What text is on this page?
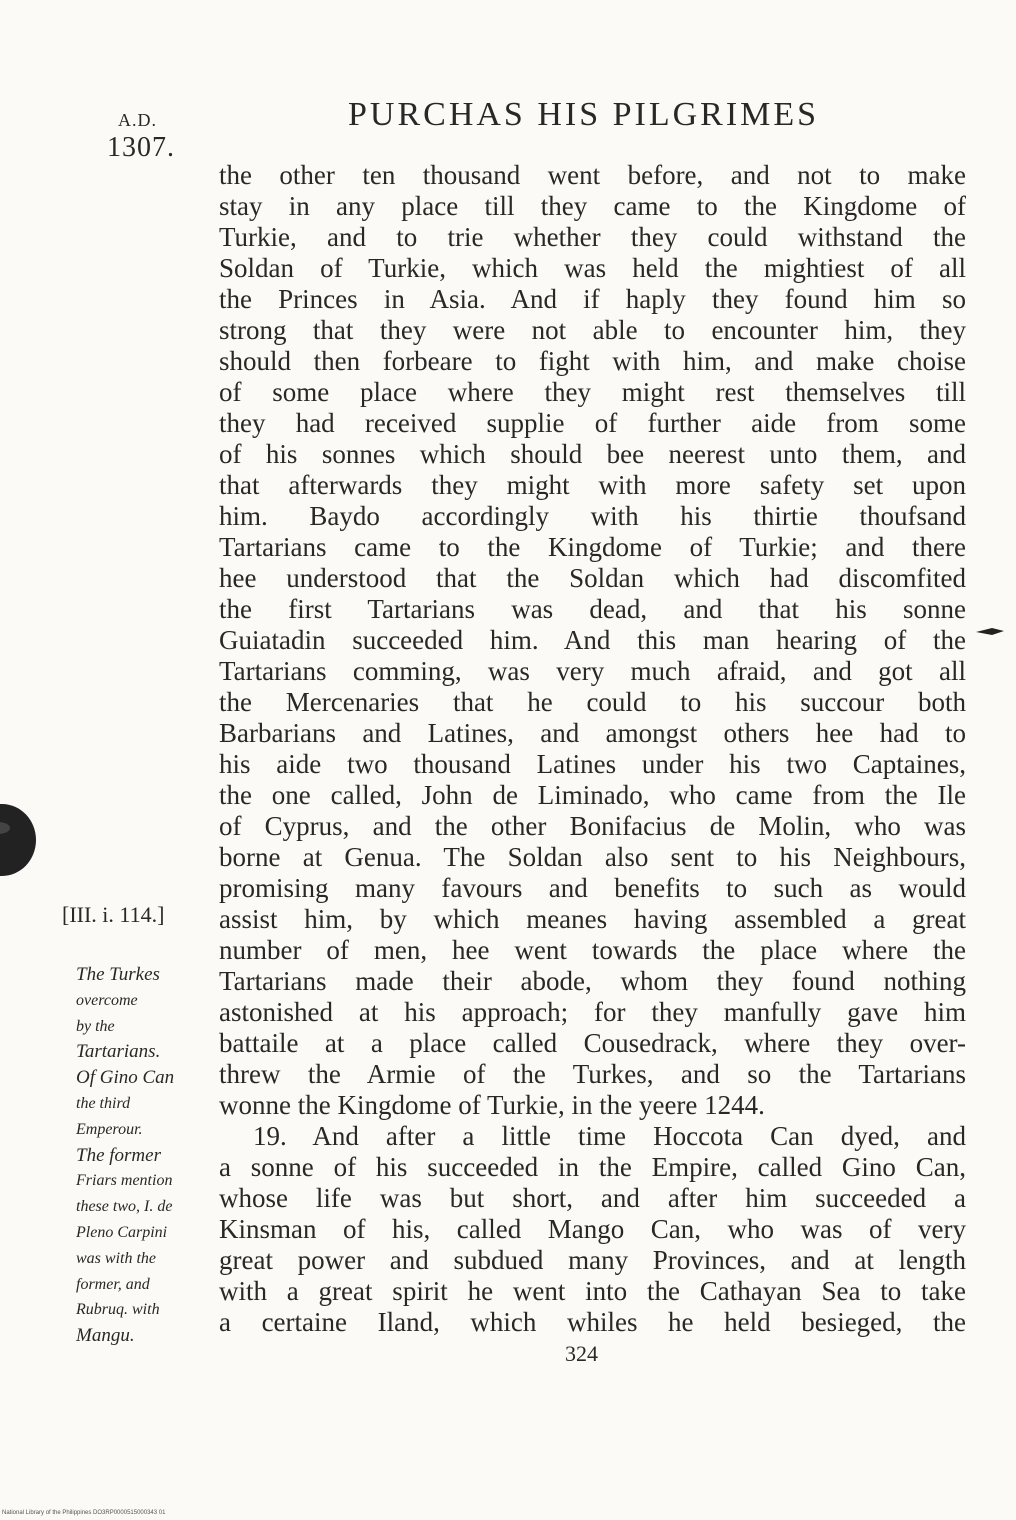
A.D.
1307.
PURCHAS HIS PILGRIMES
the other ten thousand went before, and not to make
stay in any place till they came to the Kingdome of
Turkie, and to trie whether they could withstand the
Soldan of Turkie, which was held the mightiest of all
the Princes in Asia. And if haply they found him so
strong that they were not able to encounter him, they
should then forbeare to fight with him, and make choise
of some place where they might rest themselves till
they had received supplie of further aide from some
of his sonnes which should bee neerest unto them, and
that afterwards they might with more safety set upon
him. Baydo accordingly with his thirtie thoufsand
Tartarians came to the Kingdome of Turkie; and there
hee understood that the Soldan which had discomfited
the first Tartarians was dead, and that his sonne
Guiatadin succeeded him. And this man hearing of the
Tartarians comming, was very much afraid, and got all
the Mercenaries that he could to his succour both
Barbarians and Latines, and amongst others hee had to
his aide two thousand Latines under his two Captaines,
the one called, John de Liminado, who came from the Ile
of Cyprus, and the other Bonifacius de Molin, who was
borne at Genua. The Soldan also sent to his Neighbours,
promising many favours and benefits to such as would
assist him, by which meanes having assembled a great
number of men, hee went towards the place where the
Tartarians made their abode, whom they found nothing
astonished at his approach; for they manfully gave him
battaile at a place called Cousedrack, where they over-
threw the Armie of the Turkes, and so the Tartarians
wonne the Kingdome of Turkie, in the yeere 1244.
19. And after a little time Hoccota Can dyed, and
a sonne of his succeeded in the Empire, called Gino Can,
whose life was but short, and after him succeeded a
Kinsman of his, called Mango Can, who was of very
great power and subdued many Provinces, and at length
with a great spirit he went into the Cathayan Sea to take
a certaine Iland, which whiles he held besieged, the
[III. i. 114.]
The Turkes
overcome
by the
Tartarians.
Of Gino Can
the third
Emperour.
The former
Friars mention
these two, I. de
Pleno Carpini
was with the
former, and
Rubruq. with
Mangu.
324
National Library of the Philippines DO3RP0000515000343 01
